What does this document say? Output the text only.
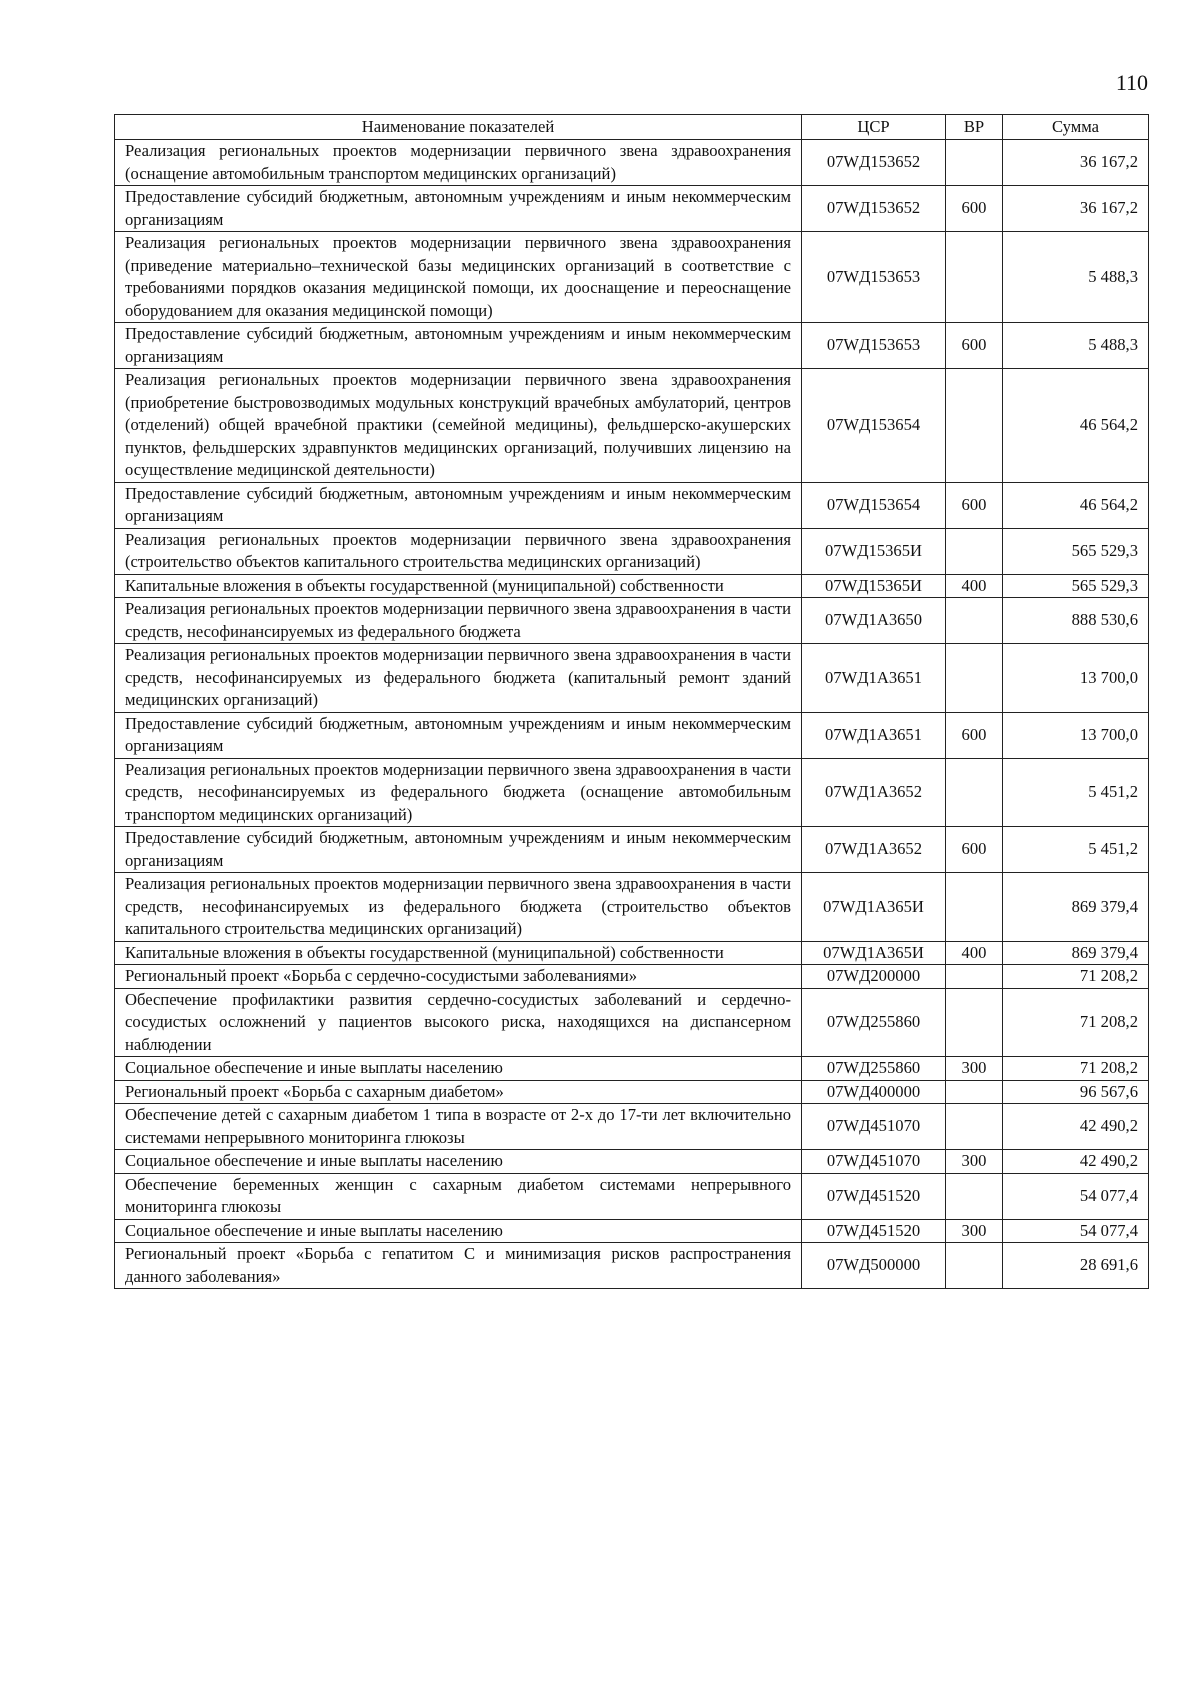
110
Наименование показателей	ЦСР	ВР	Сумма
Реализация региональных проектов модернизации первичного звена здравоохранения (оснащение автомобильным транспортом медицинских организаций)	07WД153652		36 167,2
Предоставление субсидий бюджетным, автономным учреждениям и иным некоммерческим организациям	07WД153652	600	36 167,2
Реализация региональных проектов модернизации первичного звена здравоохранения (приведение материально–технической базы медицинских организаций в соответствие с требованиями порядков оказания медицинской помощи, их дооснащение и переоснащение оборудованием для оказания медицинской помощи)	07WД153653		5 488,3
Предоставление субсидий бюджетным, автономным учреждениям и иным некоммерческим организациям	07WД153653	600	5 488,3
Реализация региональных проектов модернизации первичного звена здравоохранения (приобретение быстровозводимых модульных конструкций врачебных амбулаторий, центров (отделений) общей врачебной практики (семейной медицины), фельдшерско-акушерских пунктов, фельдшерских здравпунктов медицинских организаций, получивших лицензию на осуществление медицинской деятельности)	07WД153654		46 564,2
Предоставление субсидий бюджетным, автономным учреждениям и иным некоммерческим организациям	07WД153654	600	46 564,2
Реализация региональных проектов модернизации первичного звена здравоохранения (строительство объектов капитального строительства медицинских организаций)	07WД15365И		565 529,3
Капитальные вложения в объекты государственной (муниципальной) собственности	07WД15365И	400	565 529,3
Реализация региональных проектов модернизации первичного звена здравоохранения в части средств, несофинансируемых из федерального бюджета	07WД1А3650		888 530,6
Реализация региональных проектов модернизации первичного звена здравоохранения в части средств, несофинансируемых из федерального бюджета (капитальный ремонт зданий медицинских организаций)	07WД1А3651		13 700,0
Предоставление субсидий бюджетным, автономным учреждениям и иным некоммерческим организациям	07WД1А3651	600	13 700,0
Реализация региональных проектов модернизации первичного звена здравоохранения в части средств, несофинансируемых из федерального бюджета (оснащение автомобильным транспортом медицинских организаций)	07WД1А3652		5 451,2
Предоставление субсидий бюджетным, автономным учреждениям и иным некоммерческим организациям	07WД1А3652	600	5 451,2
Реализация региональных проектов модернизации первичного звена здравоохранения в части средств, несофинансируемых из федерального бюджета (строительство объектов капитального строительства медицинских организаций)	07WД1А365И		869 379,4
Капитальные вложения в объекты государственной (муниципальной) собственности	07WД1А365И	400	869 379,4
Региональный проект «Борьба с сердечно-сосудистыми заболеваниями»	07WД200000		71 208,2
Обеспечение профилактики развития сердечно-сосудистых заболеваний и сердечно-сосудистых осложнений у пациентов высокого риска, находящихся на диспансерном наблюдении	07WД255860		71 208,2
Социальное обеспечение и иные выплаты населению	07WД255860	300	71 208,2
Региональный проект «Борьба с сахарным диабетом»	07WД400000		96 567,6
Обеспечение детей с сахарным диабетом 1 типа в возрасте от 2-х до 17-ти лет включительно системами непрерывного мониторинга глюкозы	07WД451070		42 490,2
Социальное обеспечение и иные выплаты населению	07WД451070	300	42 490,2
Обеспечение беременных женщин с сахарным диабетом системами непрерывного мониторинга глюкозы	07WД451520		54 077,4
Социальное обеспечение и иные выплаты населению	07WД451520	300	54 077,4
Региональный проект «Борьба с гепатитом С и минимизация рисков распространения данного заболевания»	07WД500000		28 691,6
